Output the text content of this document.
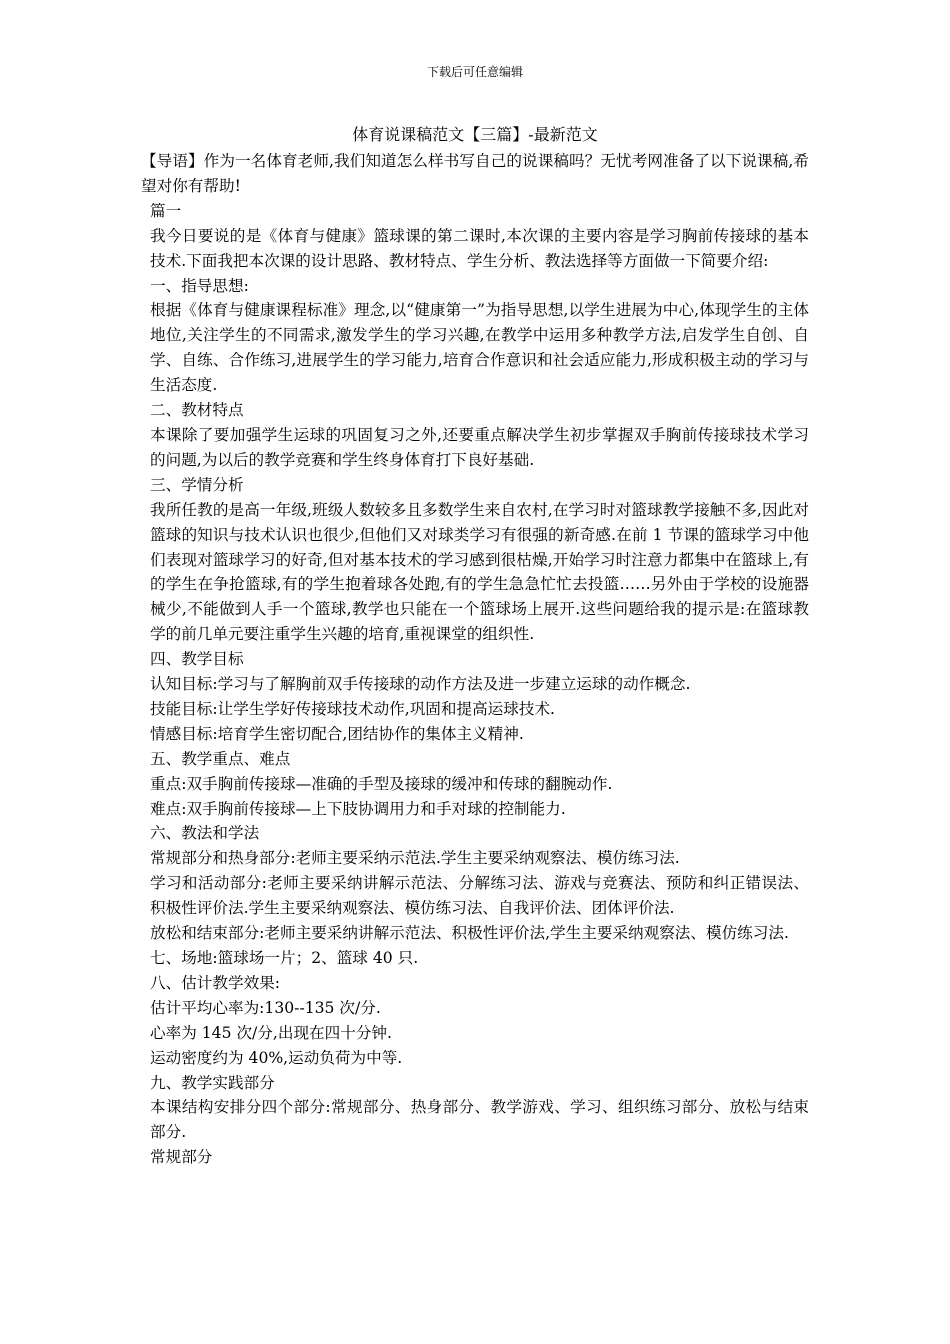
下载后可任意编辑
体育说课稿范文【三篇】-最新范文

【导语】作为一名体育老师,我们知道怎么样书写自己的说课稿吗？无忧考网准备了以下说课稿,希望对你有帮助!

篇一

我今日要说的是《体育与健康》篮球课的第二课时,本次课的主要内容是学习胸前传接球的基本技术.下面我把本次课的设计思路、教材特点、学生分析、教法选择等方面做一下简要介绍:

一、指导思想:

根据《体育与健康课程标准》理念,以“健康第一”为指导思想,以学生进展为中心,体现学生的主体地位,关注学生的不同需求,激发学生的学习兴趣,在教学中运用多种教学方法,启发学生自创、自学、自练、合作练习,进展学生的学习能力,培育合作意识和社会适应能力,形成积极主动的学习与生活态度.

二、教材特点

本课除了要加强学生运球的巩固复习之外,还要重点解决学生初步掌握双手胸前传接球技术学习的问题,为以后的教学竞赛和学生终身体育打下良好基础.

三、学情分析

我所任教的是高一年级,班级人数较多且多数学生来自农村,在学习时对篮球教学接触不多,因此对篮球的知识与技术认识也很少,但他们又对球类学习有很强的新奇感.在前 1 节课的篮球学习中他们表现对篮球学习的好奇,但对基本技术的学习感到很枯燥,开始学习时注意力都集中在篮球上,有的学生在争抢篮球,有的学生抱着球各处跑,有的学生急急忙忙去投篮……另外由于学校的设施器械少,不能做到人手一个篮球,教学也只能在一个篮球场上展开.这些问题给我的提示是:在篮球教学的前几单元要注重学生兴趣的培育,重视课堂的组织性.

四、教学目标

认知目标:学习与了解胸前双手传接球的动作方法及进一步建立运球的动作概念.

技能目标:让学生学好传接球技术动作,巩固和提高运球技术.

情感目标:培育学生密切配合,团结协作的集体主义精神.

五、教学重点、难点

重点:双手胸前传接球—准确的手型及接球的缓冲和传球的翻腕动作.

难点:双手胸前传接球—上下肢协调用力和手对球的控制能力.

六、教法和学法

常规部分和热身部分:老师主要采纳示范法.学生主要采纳观察法、模仿练习法.

学习和活动部分:老师主要采纳讲解示范法、分解练习法、游戏与竞赛法、预防和纠正错误法、积极性评价法.学生主要采纳观察法、模仿练习法、自我评价法、团体评价法.

放松和结束部分:老师主要采纳讲解示范法、积极性评价法,学生主要采纳观察法、模仿练习法.

七、场地:篮球场一片；2、篮球 40 只.

八、估计教学效果:

估计平均心率为:130--135 次/分.

心率为 145 次/分,出现在四十分钟.

运动密度约为 40%,运动负荷为中等.

九、教学实践部分

本课结构安排分四个部分:常规部分、热身部分、教学游戏、学习、组织练习部分、放松与结束部分.

常规部分
